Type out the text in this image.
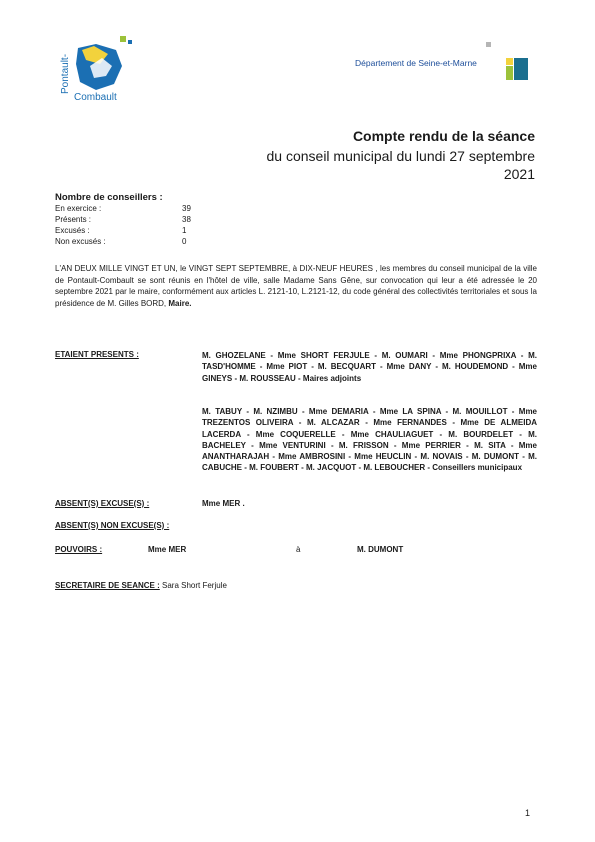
Pontault-
Combault
Département de Seine-et-Marne
Compte rendu de la séance
du conseil municipal du lundi 27 septembre
2021
Nombre de conseillers :
En exercice :	39
Présents :	38
Excusés :	1
Non excusés :	0
L'AN DEUX MILLE VINGT ET UN, le VINGT SEPT SEPTEMBRE, à DIX-NEUF HEURES , les membres du conseil municipal de la ville de Pontault-Combault se sont réunis en l'hôtel de ville, salle Madame Sans Gêne, sur convocation qui leur a été adressée le 20 septembre 2021 par le maire, conformément aux articles L. 2121-10, L.2121-12, du code général des collectivités territoriales et sous la présidence de M. Gilles BORD, Maire.
ETAIENT PRESENTS :	M. GHOZELANE - Mme SHORT FERJULE - M. OUMARI - Mme PHONGPRIXA - M. TASD'HOMME - Mme PIOT - M. BECQUART - Mme DANY - M. HOUDEMOND - Mme GINEYS - M. ROUSSEAU - Maires adjoints
M. TABUY - M. NZIMBU - Mme DEMARIA - Mme LA SPINA - M. MOUILLOT - Mme TREZENTOS OLIVEIRA - M. ALCAZAR - Mme FERNANDES - Mme DE ALMEIDA LACERDA - Mme COQUERELLE - Mme CHAULIAGUET - M. BOURDELET - M. BACHELEY - Mme VENTURINI - M. FRISSON - Mme PERRIER - M. SITA - Mme ANANTHARAJAH - Mme AMBROSINI - Mme HEUCLIN - M. NOVAIS - M. DUMONT - M. CABUCHE - M. FOUBERT - M. JACQUOT - M. LEBOUCHER - Conseillers municipaux
ABSENT(S) EXCUSE(S) :	Mme MER .
ABSENT(S) NON EXCUSE(S) :
POUVOIRS :	Mme MER	à	M. DUMONT
SECRETAIRE DE SEANCE : Sara Short Ferjule
1
